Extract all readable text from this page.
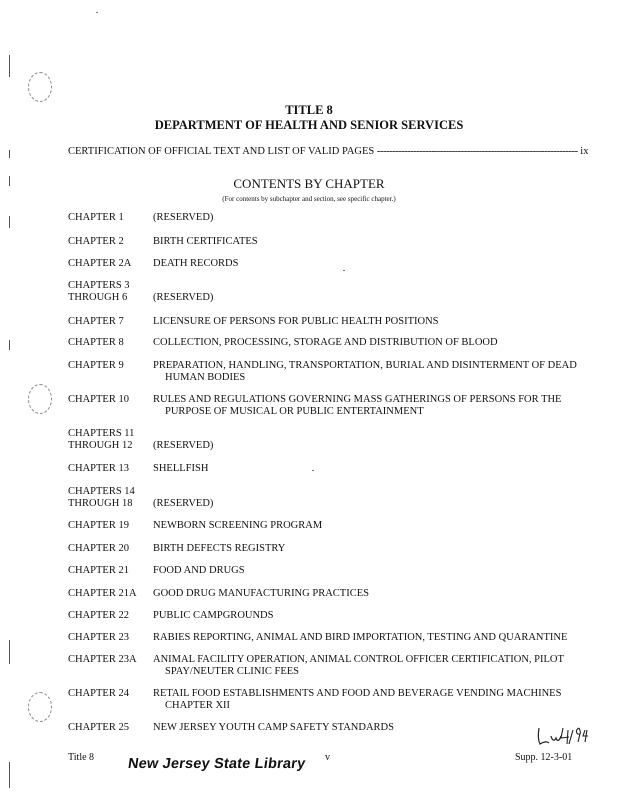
TITLE 8
DEPARTMENT OF HEALTH AND SENIOR SERVICES
CERTIFICATION OF OFFICIAL TEXT AND LIST OF VALID PAGES ------------------------------------------------------------------- ix
CONTENTS BY CHAPTER
(For contents by subchapter and section, see specific chapter.)
CHAPTER 1	(RESERVED)
CHAPTER 2	BIRTH CERTIFICATES
CHAPTER 2A	DEATH RECORDS
CHAPTERS 3
THROUGH 6	(RESERVED)
CHAPTER 7	LICENSURE OF PERSONS FOR PUBLIC HEALTH POSITIONS
CHAPTER 8	COLLECTION, PROCESSING, STORAGE AND DISTRIBUTION OF BLOOD
CHAPTER 9	PREPARATION, HANDLING, TRANSPORTATION, BURIAL AND DISINTERMENT OF DEAD HUMAN BODIES
CHAPTER 10	RULES AND REGULATIONS GOVERNING MASS GATHERINGS OF PERSONS FOR THE PURPOSE OF MUSICAL OR PUBLIC ENTERTAINMENT
CHAPTERS 11
THROUGH 12	(RESERVED)
CHAPTER 13	SHELLFISH
CHAPTERS 14
THROUGH 18	(RESERVED)
CHAPTER 19	NEWBORN SCREENING PROGRAM
CHAPTER 20	BIRTH DEFECTS REGISTRY
CHAPTER 21	FOOD AND DRUGS
CHAPTER 21A	GOOD DRUG MANUFACTURING PRACTICES
CHAPTER 22	PUBLIC CAMPGROUNDS
CHAPTER 23	RABIES REPORTING, ANIMAL AND BIRD IMPORTATION, TESTING AND QUARANTINE
CHAPTER 23A	ANIMAL FACILITY OPERATION, ANIMAL CONTROL OFFICER CERTIFICATION, PILOT SPAY/NEUTER CLINIC FEES
CHAPTER 24	RETAIL FOOD ESTABLISHMENTS AND FOOD AND BEVERAGE VENDING MACHINES CHAPTER XII
CHAPTER 25	NEW JERSEY YOUTH CAMP SAFETY STANDARDS
Title 8 New Jersey State Library v	Supp. 12-3-01
